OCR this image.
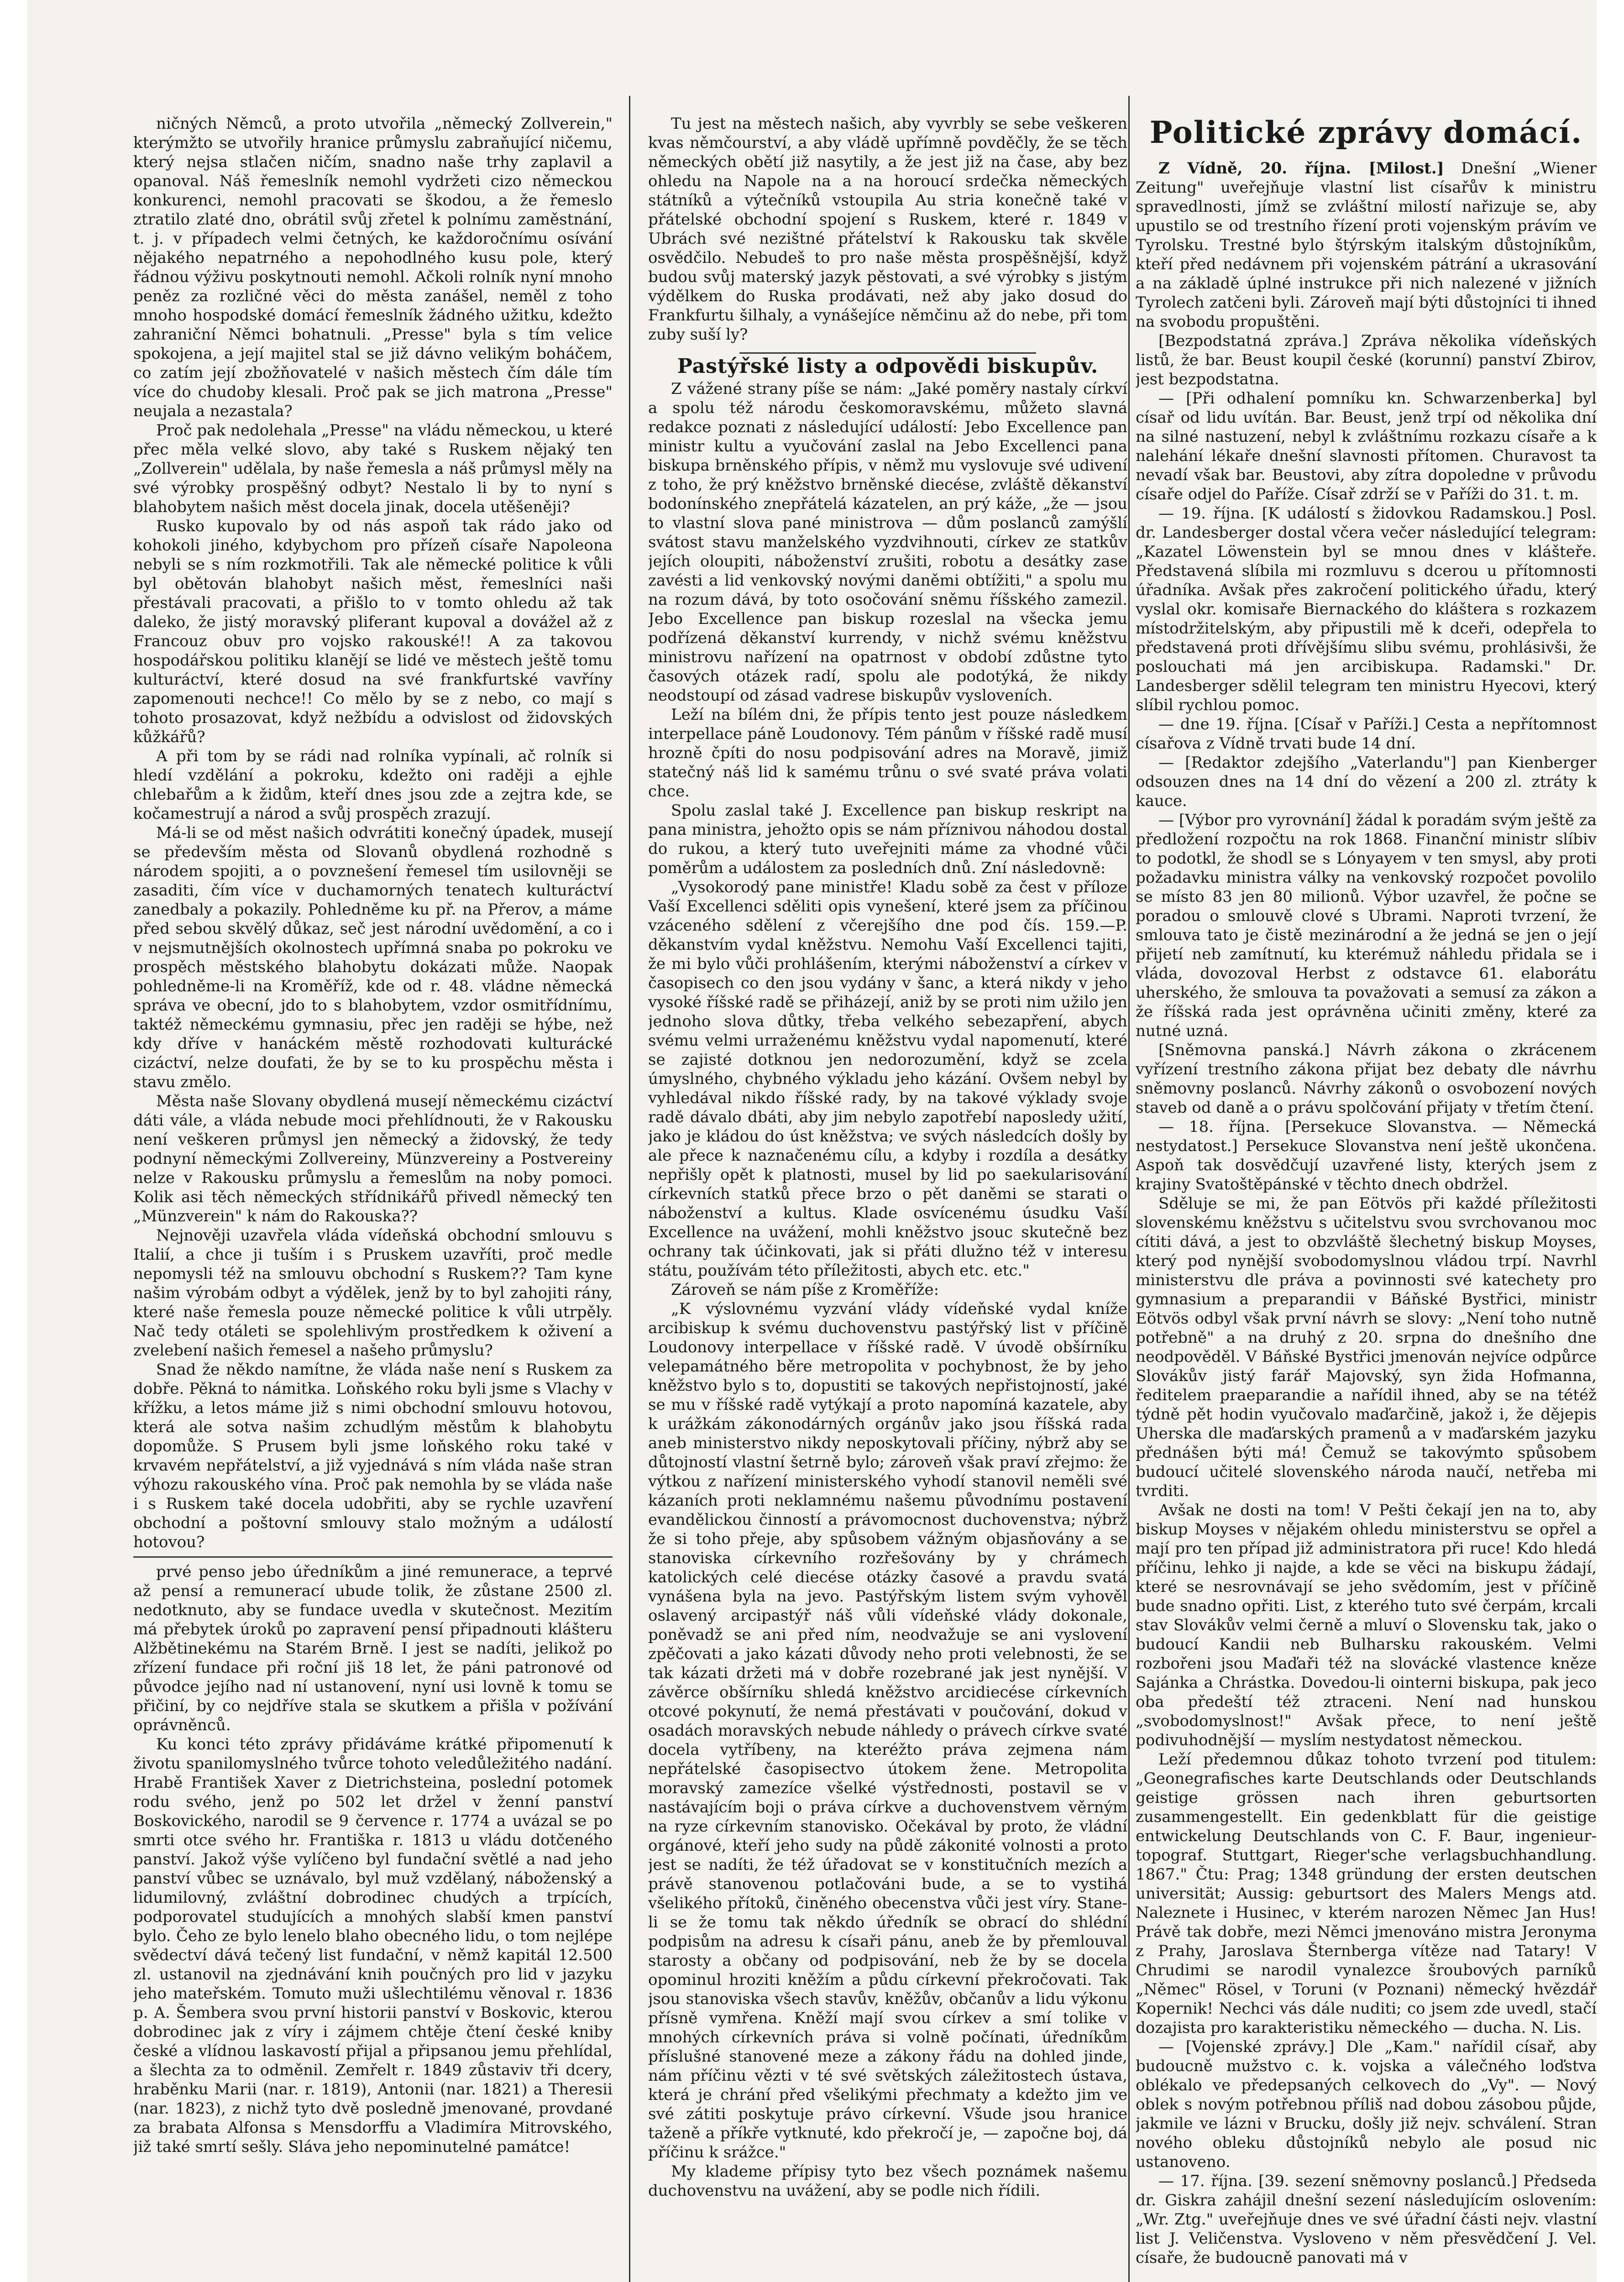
ničných Němců, a proto utvořila „německý Zollverein," kterýmžto se utvořily hranice průmyslu zabraňující ničemu, který nejsa stlačen ničím, snadno naše trhy zaplavil a opanoval. Náš řemeslník nemohl vydržeti cizo německou konkurenci, nemohl pracovati se škodou, a že řemeslo ztratilo zlaté dno, obrátil svůj zřetel k polnímu zaměstnání, t. j. v případech velmi četných, ke každoročnímu osívání nějakého nepatrného a nepohodlného kusu pole, který řádnou výživu poskytnouti nemohl. Ačkoli rolník nyní mnoho peněz za rozličné věci do města zanášel, neměl z toho mnoho hospodské domácí řemeslník žádného užitku, kdežto zahraniční Němci bohatnuli. „Presse" byla s tím velice spokojena, a její majitel stal se již dávno velikým boháčem, co zatím její zbožňovatelé v našich městech čím dále tím více do chudoby klesali. Proč pak se jich matrona „Presse" neujala a nezastala?

Proč pak nedolehala „Presse" na vládu německou, u které přec měla velké slovo, aby také s Ruskem nějaký ten „Zollverein" udělala, by naše řemesla a náš průmysl měly na své výrobky prospěšný odbyt? Nestalo li by to nyní s blahobytem našich měst docela jinak, docela utěšeněji?

Rusko kupovalo by od nás aspoň tak rádo jako od kohokoli jiného, kdybychom pro přízeň císaře Napoleona nebyli se s ním rozkmotřili. Tak ale německé politice k vůli byl obětován blahobyt našich měst, řemeslníci naši přestávali pracovati, a přišlo to v tomto ohledu až tak daleko, že jistý moravský pliferant kupoval a dovážel až z Francouz obuv pro vojsko rakouské!! A za takovou hospodářskou politiku klanějí se lidé ve městech ještě tomu kulturáctví, které dosud na své frankfurtské vavříny zapomenouti nechce!! Co mělo by se z nebo, co mají s tohoto prosazovat, když nežbídu a odvislost od židovských kůžkářů?

A při tom by se rádi nad rolníka vypínali, ač rolník si hledí vzdělání a pokroku, kdežto oni raději a ejhle chlebařům a k židům, kteří dnes jsou zde a zejtra kde, se kočamestrují a národ a svůj prospěch zrazují.

Má-li se od měst našich odvrátiti konečný úpadek, musejí se především města od Slovanů obydlená rozhodně s národem spojiti, a o povznešení řemesel tím usilovněji se zasaditi, čím více v duchamorných tenatech kulturáctví zanedbaly a pokazily. Pohledněme ku př. na Přerov, a máme před sebou skvělý důkaz, seč jest národní uvědomění, a co i v nejsmutnějších okolnostech upřímná snaba po pokroku ve prospěch městského blahobytu dokázati může. Naopak pohledněme-li na Kroměříž, kde od r. 48. vládne německá správa ve obecní, jdo to s blahobytem, vzdor osmitřídnímu, taktéž německému gymnasiu, přec jen raději se hýbe, než kdy dříve v hanáckém městě rozhodovati kulturácké cizáctví, nelze doufati, že by se to ku prospěchu města i stavu změlo.

Města naše Slovany obydlená musejí německému cizáctví dáti vále, a vláda nebude moci přehlídnouti, že v Rakousku není veškeren průmysl jen německý a židovský, že tedy podnyní německými Zollvereiny, Münzvereiny a Postvereiny nelze v Rakousku průmyslu a řemeslům na noby pomoci. Kolik asi těch německých střídnikářů přivedl německý ten „Münzverein" k nám do Rakouska??

Nejnověji uzavřela vláda vídeňská obchodní smlouvu s Italií, a chce ji tuším i s Pruskem uzavříti, proč medle nepomysli též na smlouvu obchodní s Ruskem?? Tam kyne našim výrobám odbyt a výdělek, jenž by to byl zahojiti rány, které naše řemesla pouze německé politice k vůli utrpěly. Nač tedy otáleti se spolehlivým prostředkem k oživení a zvelebení našich řemesel a našeho průmyslu?

Snad že někdo namítne, že vláda naše není s Ruskem za dobře. Pěkná to námitka. Loňského roku byli jsme s Vlachy v křížku, a letos máme již s nimi obchodní smlouvu hotovou, která ale sotva našim zchudlým městům k blahobytu dopomůže. S Prusem byli jsme loňského roku také v krvavém nepřátelství, a již vyjednává s ním vláda naše stran výhozu rakouského vína. Proč pak nemohla by se vláda naše i s Ruskem také docela udobřiti, aby se rychle uzavření obchodní a poštovní smlouvy stalo možným a událostí hotovou?

prvé penso jebo úředníkům a jiné remunerace, a teprvé až pensí a remunerací ubude tolik, že zůstane 2500 zl. nedotknuto, aby se fundace uvedla v skutečnost. Mezitím má přebytek úroků po zapravení pensí připadnouti klášteru Alžbětinekému na Starém Brně. I jest se nadíti, jelikož po zřízení fundace při roční jiš 18 let, že páni patronové od původce jejího nad ní ustanovení, nyní usi lovně k tomu se přičiní, by co nejdříve stala se skutkem a přišla v požívání oprávněnců.

Ku konci této zprávy přidáváme krátké připomenutí k životu spanilomyslného tvůrce tohoto veledůležitého nadání. Hrabě František Xaver z Dietrichsteina, poslední potomek rodu svého, jenž po 502 let držel v ženní panství Boskovického, narodil se 9 července r. 1774 a uvázal se po smrti otce svého hr. Františka r. 1813 u vládu dotčeného panství. Jakož výše vylíčeno byl fundační světlé a nad jeho panství vůbec se uznávalo, byl muž vzdělaný, náboženský a lidumilovný, zvláštní dobrodinec chudých a trpících, podporovatel studujících a mnohých slabší kmen panství bylo. Čeho ze bylo lenelo blaho obecného lidu, o tom nejlépe svědectví dává tečený list fundační, v němž kapitál 12.500 zl. ustanovil na zjednávání knih poučných pro lid v jazyku jeho mateřském. Tomuto muži ušlechtilému věnoval r. 1836 p. A. Šembera svou první historii panství v Boskovic, kterou dobrodinec jak z víry i zájmem chtěje čtení české kniby české a vlídnou laskavostí přijal a připsanou jemu přehlídal, a šlechta za to odměnil. Zemřelt r. 1849 zůstaviv tři dcery, hraběnku Marii (nar. r. 1819), Antonii (nar. 1821) a Theresii (nar. 1823), z nichž tyto dvě posledně jmenované, provdané za brabata Alfonsa s Mensdorffu a Vladimíra Mitrovského, již také smrtí sešly. Sláva jeho nepominutelné památce!

Tu jest na městech našich, aby vyvrbly se sebe veškeren kvas němčourství, a aby vládě upřímně povděčly, že se těch německých obětí již nasytily, a že jest již na čase, aby bez ohledu na Napole na a na horoucí srdečka německých státníků a výtečníků vstoupila Au stria konečně také v přátelské obchodní spojení s Ruskem, které r. 1849 v Ubrách své nezištné přátelství k Rakousku tak skvěle osvědčilo. Nebudeš to pro naše města prospěšnější, když budou svůj materský jazyk pěstovati, a své výrobky s jistým výdělkem do Ruska prodávati, než aby jako dosud do Frankfurtu šilhaly, a vynášejíce němčinu až do nebe, při tom zuby suší ly?

Pastýřské listy a odpovědi biskupův.

Z vážené strany píše se nám: „Jaké poměry nastaly církví a spolu též národu českomoravskému, můžeto slavná redakce poznati z následující událostí: Jebo Excellence pan ministr kultu a vyučování zaslal na Jebo Excellenci pana biskupa brněnského přípis, v němž mu vyslovuje své udivení z toho, že prý kněžstvo brněnské diecése, zvláště děkanství bodonínského znepřátelá kázatelen, an prý káže, „že — jsou to vlastní slova pané ministrova — dům poslanců zamýšlí svátost stavu manželského vyzdvihnouti, církev ze statkův jejích oloupiti, náboženství zrušiti, robotu a desátky zase zavésti a lid venkovský novými daněmi obtížiti," a spolu mu na rozum dává, by toto osočování sněmu říšského zamezil. Jebo Excellence pan biskup rozeslal na všecka jemu podřízená děkanství kurrendy, v nichž svému kněžstvu ministrovu nařízení na opatrnost v období zdůstne tyto časových otázek radí, spolu ale podotýká, že nikdy neodstoupí od zásad vadrese biskupův vysloveních.

Leží na bílém dni, že přípis tento jest pouze následkem interpellace páně Loudonovy. Tém pánům v říšské radě musí hrozně čpíti do nosu podpisování adres na Moravě, jimiž statečný náš lid k samému trůnu o své svaté práva volati chce.

Spolu zaslal také J. Excellence pan biskup reskript na pana ministra, jehožto opis se nám příznivou náhodou dostal do rukou, a který tuto uveřejniti máme za vhodné vůči poměrům a událostem za posledních dnů. Zní následovně:

„Vysokorodý pane ministře! Kladu sobě za čest v příloze Vaší Excellenci sděliti opis vynešení, které jsem za příčinou vzáceného sdělení z včerejšího dne pod čís. 159.—P. děkanstvím vydal kněžstvu. Nemohu Vaší Excellenci tajiti, že mi bylo vůči prohlášením, kterými náboženství a církev v časopisech co den jsou vydány v šanc, a která nikdy v jeho vysoké říšské radě se přiházejí, aniž by se proti nim užilo jen jednoho slova důtky, třeba velkého sebezapření, abych svému velmi urraženému kněžstvu vydal napomenutí, které se zajisté dotknou jen nedorozumění, když se zcela úmyslného, chybného výkladu jeho kázání. Ovšem nebyl by vyhledával nikdo říšské rady, by na takové výklady svoje radě dávalo dbáti, aby jim nebylo zapotřebí naposledy užití, jako je kládou do úst kněžstva; ve svých následcích došly by ale přece k naznačenému cílu, a kdyby i rozdíla a desátky nepřišly opět k platnosti, musel by lid po saekularisování církevních statků přece brzo o pět daněmi se starati o náboženství a kultus. Klade osvícenému úsudku Vaší Excellence na uvážení, mohli kněžstvo jsouc skutečně bez ochrany tak účinkovati, jak si přáti dlužno též v interesu státu, používám této příležitosti, abych etc. etc."

Zároveň se nám píše z Kroměříže:

„K výslovnému vyzvání vlády vídeňské vydal kníže arcibiskup k svému duchovenstvu pastýřský list v příčině Loudonovy interpellace v říšské radě. V úvodě obšírníku velepamátného běre metropolita v pochybnost, že by jeho kněžstvo bylo s to, dopustiti se takových nepřistojností, jaké se mu v říšské radě vytýkají a proto napomíná kazatele, aby k urážkám zákonodárných orgánův jako jsou říšská rada aneb ministerstvo nikdy neposkytovali příčiny, nýbrž aby se důtojností vlastní šetrně bylo; zároveň však praví zřejmo: že výtkou z nařízení ministerského vyhodí stanovil neměli své kázaních proti neklamnému našemu původnímu postavení evandělickou činností a právomocnost duchovenstva; nýbrž že si toho přeje, aby spůsobem vážným objasňovány a se stanoviska církevního rozřešovány by y chrámech katolických celé diecése otázky časové a pravdu svatá vynášena byla na jevo. Pastýřským listem svým vyhověl oslavený arcipastýř náš vůli vídeňské vlády dokonale, poněvadž se ani před ním, neodvažuje se ani vyslovení zpěčovati a jako kázati důvody neho proti velebnosti, že se tak kázati držeti má v dobře rozebrané jak jest nynější. V závěrce obšírníku shledá kněžstvo arcidiecése církevních otcové pokynutí, že nemá přestávati v poučování, dokud v osadách moravských nebude náhledy o právech církve svaté docela vytříbeny, na kteréžto práva zejmena nám nepřátelské časopisectvo útokem žene. Metropolita moravský zamezíce všelké výstřednosti, postavil se v nastávajícím boji o práva církve a duchovenstvem věrným na ryze církevním stanovisko. Očekával by proto, že vládní orgánové, kteří jeho sudy na půdě zákonité volnosti a proto jest se nadíti, že též úřadovat se v konstitučních mezích a právě stanovenou potlačováni bude, a se to vystihá všelikého přítoků, činěného obecenstva vůči jest víry. Stane-li se že tomu tak někdo úředník se obrací do shlédní podpisům na adresu k císaři pánu, aneb že by přemlouval starosty a občany od podpisování, neb že by se docela opominul hroziti kněžím a půdu církevní překročovati. Tak jsou stanoviska všech stavův, kněžův, občanův a lidu výkonu přísně vymřena. Kněží mají svou církev a smí tolike v mnohých církevních práva si volně počínati, úředníkům příslušné stanovené meze a zákony řádu na dohled jinde, nám příčinu vězti v té své světských záležitostech ústava, která je chrání před všelikými přechmaty a kdežto jim ve své zátiti poskytuje právo církevní. Všude jsou hranice taženě a příkře vytknuté, kdo překročí je, — započne boj, dá příčinu k srážce."

My klademe přípisy tyto bez všech poznámek našemu duchovenstvu na uvážení, aby se podle nich řídili.

Politické zprávy domácí.

Z Vídně, 20. října. [Milost.] Dnešní „Wiener Zeitung" uveřejňuje vlastní list císařův k ministru spravedlnosti, jímž se zvláštní milostí nařizuje se, aby upustilo se od trestního řízení proti vojenským právím ve Tyrolsku. Trestné bylo štýrským italským důstojníkům, kteří před nedávnem při vojenském pátrání a ukrasování a na základě úplné instrukce při nich nalezené v jižních Tyrolech zatčeni byli. Zároveň mají býti důstojníci ti ihned na svobodu propuštěni.

[Bezpodstatná zpráva.] Zpráva několika vídeňských listů, že bar. Beust koupil české (korunní) panství Zbirov, jest bezpodstatna.

— [Při odhalení pomníku kn. Schwarzenberka] byl císař od lidu uvítán. Bar. Beust, jenž trpí od několika dní na silné nastuzení, nebyl k zvláštnímu rozkazu císaře a k nalehání lékaře dnešní slavnosti přítomen. Churavost ta nevadí však bar. Beustovi, aby zítra dopoledne v průvodu císaře odjel do Paříže. Císař zdrží se v Paříži do 31. t. m.

— 19. října. [K událostí s židovkou Radamskou.] Posl. dr. Landesberger dostal včera večer následující telegram: „Kazatel Löwenstein byl se mnou dnes v klášteře. Představená slíbila mi rozmluvu s dcerou u přítomnosti úřadníka. Avšak přes zakročení politického úřadu, který vyslal okr. komisaře Biernackého do kláštera s rozkazem místodržitelským, aby připustili mě k dceři, odepřela to představená proti dřívějšímu slibu svému, prohlásivši, že poslouchati má jen arcibiskupa. Radamski." Dr. Landesberger sdělil telegram ten ministru Hyecovi, který slíbil rychlou pomoc.

— dne 19. října. [Císař v Paříži.] Cesta a nepřítomnost císařova z Vídně trvati bude 14 dní.

— [Redaktor zdejšího „Vaterlandu"] pan Kienberger odsouzen dnes na 14 dní do vězení a 200 zl. ztráty k kauce.

— [Výbor pro vyrovnání] žádal k poradám svým ještě za předložení rozpočtu na rok 1868. Finanční ministr slíbiv to podotkl, že shodl se s Lónyayem v ten smysl, aby proti požadavku ministra války na venkovský rozpočet povolilo se místo 83 jen 80 milionů. Výbor uzavřel, že počne se poradou o smlouvě clové s Ubrami. Naproti tvrzení, že smlouva tato je čistě mezinárodní a že jedná se jen o její přijetí neb zamítnutí, ku kterémuž náhledu přidala se i vláda, dovozoval Herbst z odstavce 61. elaborátu uherského, že smlouva ta považovati a semusí za zákon a že říšská rada jest oprávněna učiniti změny, které za nutné uzná.

[Sněmovna panská.] Návrh zákona o zkrácenem vyřízení trestního zákona přijat bez debaty dle návrhu sněmovny poslanců. Návrhy zákonů o osvobození nových staveb od daně a o právu spolčování přijaty v třetím čtení.

— 18. října. [Persekuce Slovanstva. — Německá nestydatost.] Persekuce Slovanstva není ještě ukončena. Aspoň tak dosvědčují uzavřené listy, kterých jsem z krajiny Svatoštěpánské v těchto dnech obdržel.

Sděluje se mi, že pan Eötvös při každé příležitosti slovenskému kněžstvu s učitelstvu svou svrchovanou moc cítiti dává, a jest to obzvláště šlechetný biskup Moyses, který pod nynější svobodomyslnou vládou trpí. Navrhl ministerstvu dle práva a povinnosti své katechety pro gymnasium a preparandii v Báňské Bystřici, ministr Eötvös odbyl však první návrh se slovy: „Není toho nutně potřebně" a na druhý z 20. srpna do dnešního dne neodpověděl. V Báňské Bystřici jmenován nejvíce odpůrce Slovákův jistý farář Majovský, syn žida Hofmanna, ředitelem praeparandie a nařídil ihned, aby se na tétéž týdně pět hodin vyučovalo maďarčině, jakož i, že dějepis Uherska dle maďarských pramenů a v maďarském jazyku přednášen býti má! Čemuž se takovýmto spůsobem budoucí učitelé slovenského národa naučí, netřeba mi tvrditi.

Avšak ne dosti na tom! V Pešti čekají jen na to, aby biskup Moyses v nějakém ohledu ministerstvu se opřel a mají pro ten případ již administratora při ruce! Kdo hledá příčinu, lehko ji najde, a kde se věci na biskupu žádají, které se nesrovnávají se jeho svědomím, jest v příčině bude snadno opřiti. List, z kterého tuto své čerpám, krcali stav Slovákův velmi černě a mluví o Slovensku tak, jako o budoucí Kandii neb Bulharsku rakouském. Velmi rozbořeni jsou Maďaři též na slovácké vlastence kněze Sajánka a Chrástka. Dovedou-li ointerni biskupa, pak jeco oba předeští též ztraceni. Není nad hunskou „svobodomyslnost!" Avšak přece, to není ještě podivuhodnější — myslím nestydatost německou.

Leží předemnou důkaz tohoto tvrzení pod titulem: „Geonegrafisches karte Deutschlands oder Deutschlands geistige grössen nach ihren geburtsorten zusammengestellt. Ein gedenkblatt für die geistige entwickelung Deutschlands von C. F. Baur, ingenieur-topograf. Stuttgart, Rieger'sche verlagsbuchhandlung. 1867." Čtu: Prag; 1348 gründung der ersten deutschen universität; Aussig: geburtsort des Malers Mengs atd. Naleznete i Husinec, v kterém narozen Němec Jan Hus! Právě tak dobře, mezi Němci jmenováno mistra Jeronyma z Prahy, Jaroslava Šternberga vítěze nad Tatary! V Chrudimi se narodil vynalezce šroubových parníků „Němec" Rösel, v Toruni (v Poznani) německý hvězdář Kopernik! Nechci vás dále nuditi; co jsem zde uvedl, stačí dozajista pro karakteristiku německého — ducha. N. Lis.

— [Vojenské zprávy.] Dle „Kam." nařídil císař, aby budoucně mužstvo c. k. vojska a válečného loďstva oblékalo ve předepsaných celkovech do „Vy". — Nový oblek s novým potřebnou příliš nad dobou zásobou půjde, jakmile ve lázni v Brucku, došly již nejv. schválení. Stran nového obleku důstojníků nebylo ale posud nic ustanoveno.

— 17. října. [39. sezení sněmovny poslanců.] Předseda dr. Giskra zahájil dnešní sezení následujícím oslovením: „Wr. Ztg." uveřejňuje dnes ve své úřadní části nejv. vlastní list J. Veličenstva. Vysloveno v něm přesvědčení J. Vel. císaře, že budoucně panovati má v
